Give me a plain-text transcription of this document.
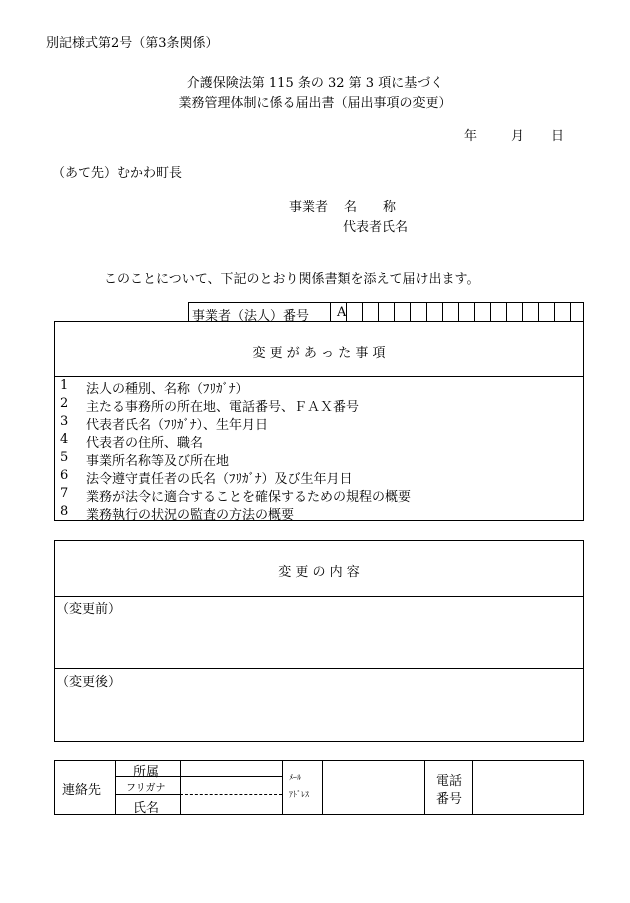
別記様式第2号（第3条関係）
介護保険法第 115 条の 32 第 3 項に基づく
業務管理体制に係る届出書（届出事項の変更）
年	月 日
（あて先）むかわ町長
事業者 名　　称
代表者氏名
このことについて、下記のとおり関係書類を添えて届け出ます。
事業者（法人）番号 A
変 更 が あ っ た 事 項
1 法人の種別、名称（ﾌﾘｶﾞﾅ）
2 主たる事務所の所在地、電話番号、ＦＡＸ番号
3 代表者氏名（ﾌﾘｶﾞﾅ）、生年月日
4 代表者の住所、職名
5 事業所名称等及び所在地
6 法令遵守責任者の氏名（ﾌﾘｶﾞﾅ）及び生年月日
7 業務が法令に適合することを確保するための規程の概要
8 業務執行の状況の監査の方法の概要
変 更 の 内 容
（変更前）
（変更後）
連絡先
所属
フリガナ
氏名
ﾒｰﾙ
ｱﾄﾞﾚｽ
電話
番号
